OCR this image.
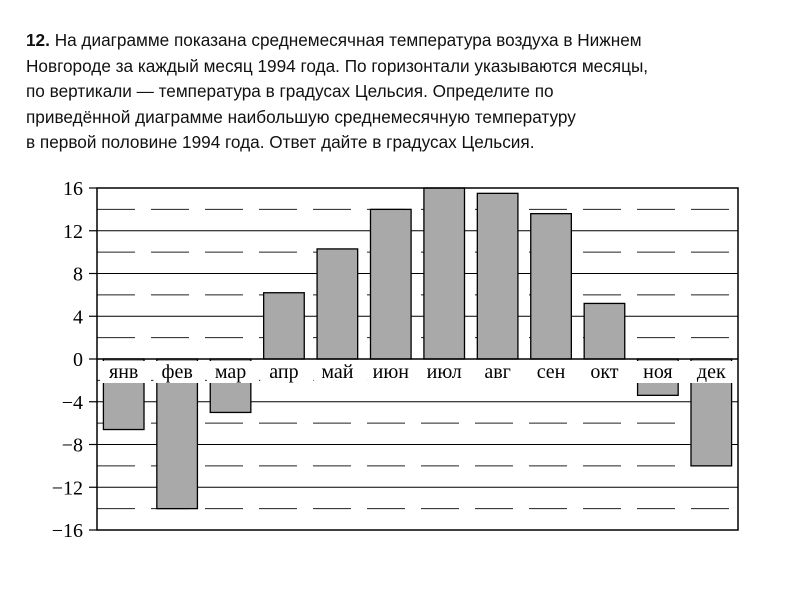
12. На диаграмме показана среднемесячная температура воздуха в Нижнем
Новгороде за каждый месяц 1994 года. По горизонтали указываются месяцы,
по вертикали — температура в градусах Цельсия. Определите по
приведённой диаграмме наибольшую среднемесячную температуру
в первой половине 1994 года. Ответ дайте в градусах Цельсия.
16
12
8
4
0
−4
−8
−12
−16
янв фев мар апр май июн июл авг сен окт ноя дек
